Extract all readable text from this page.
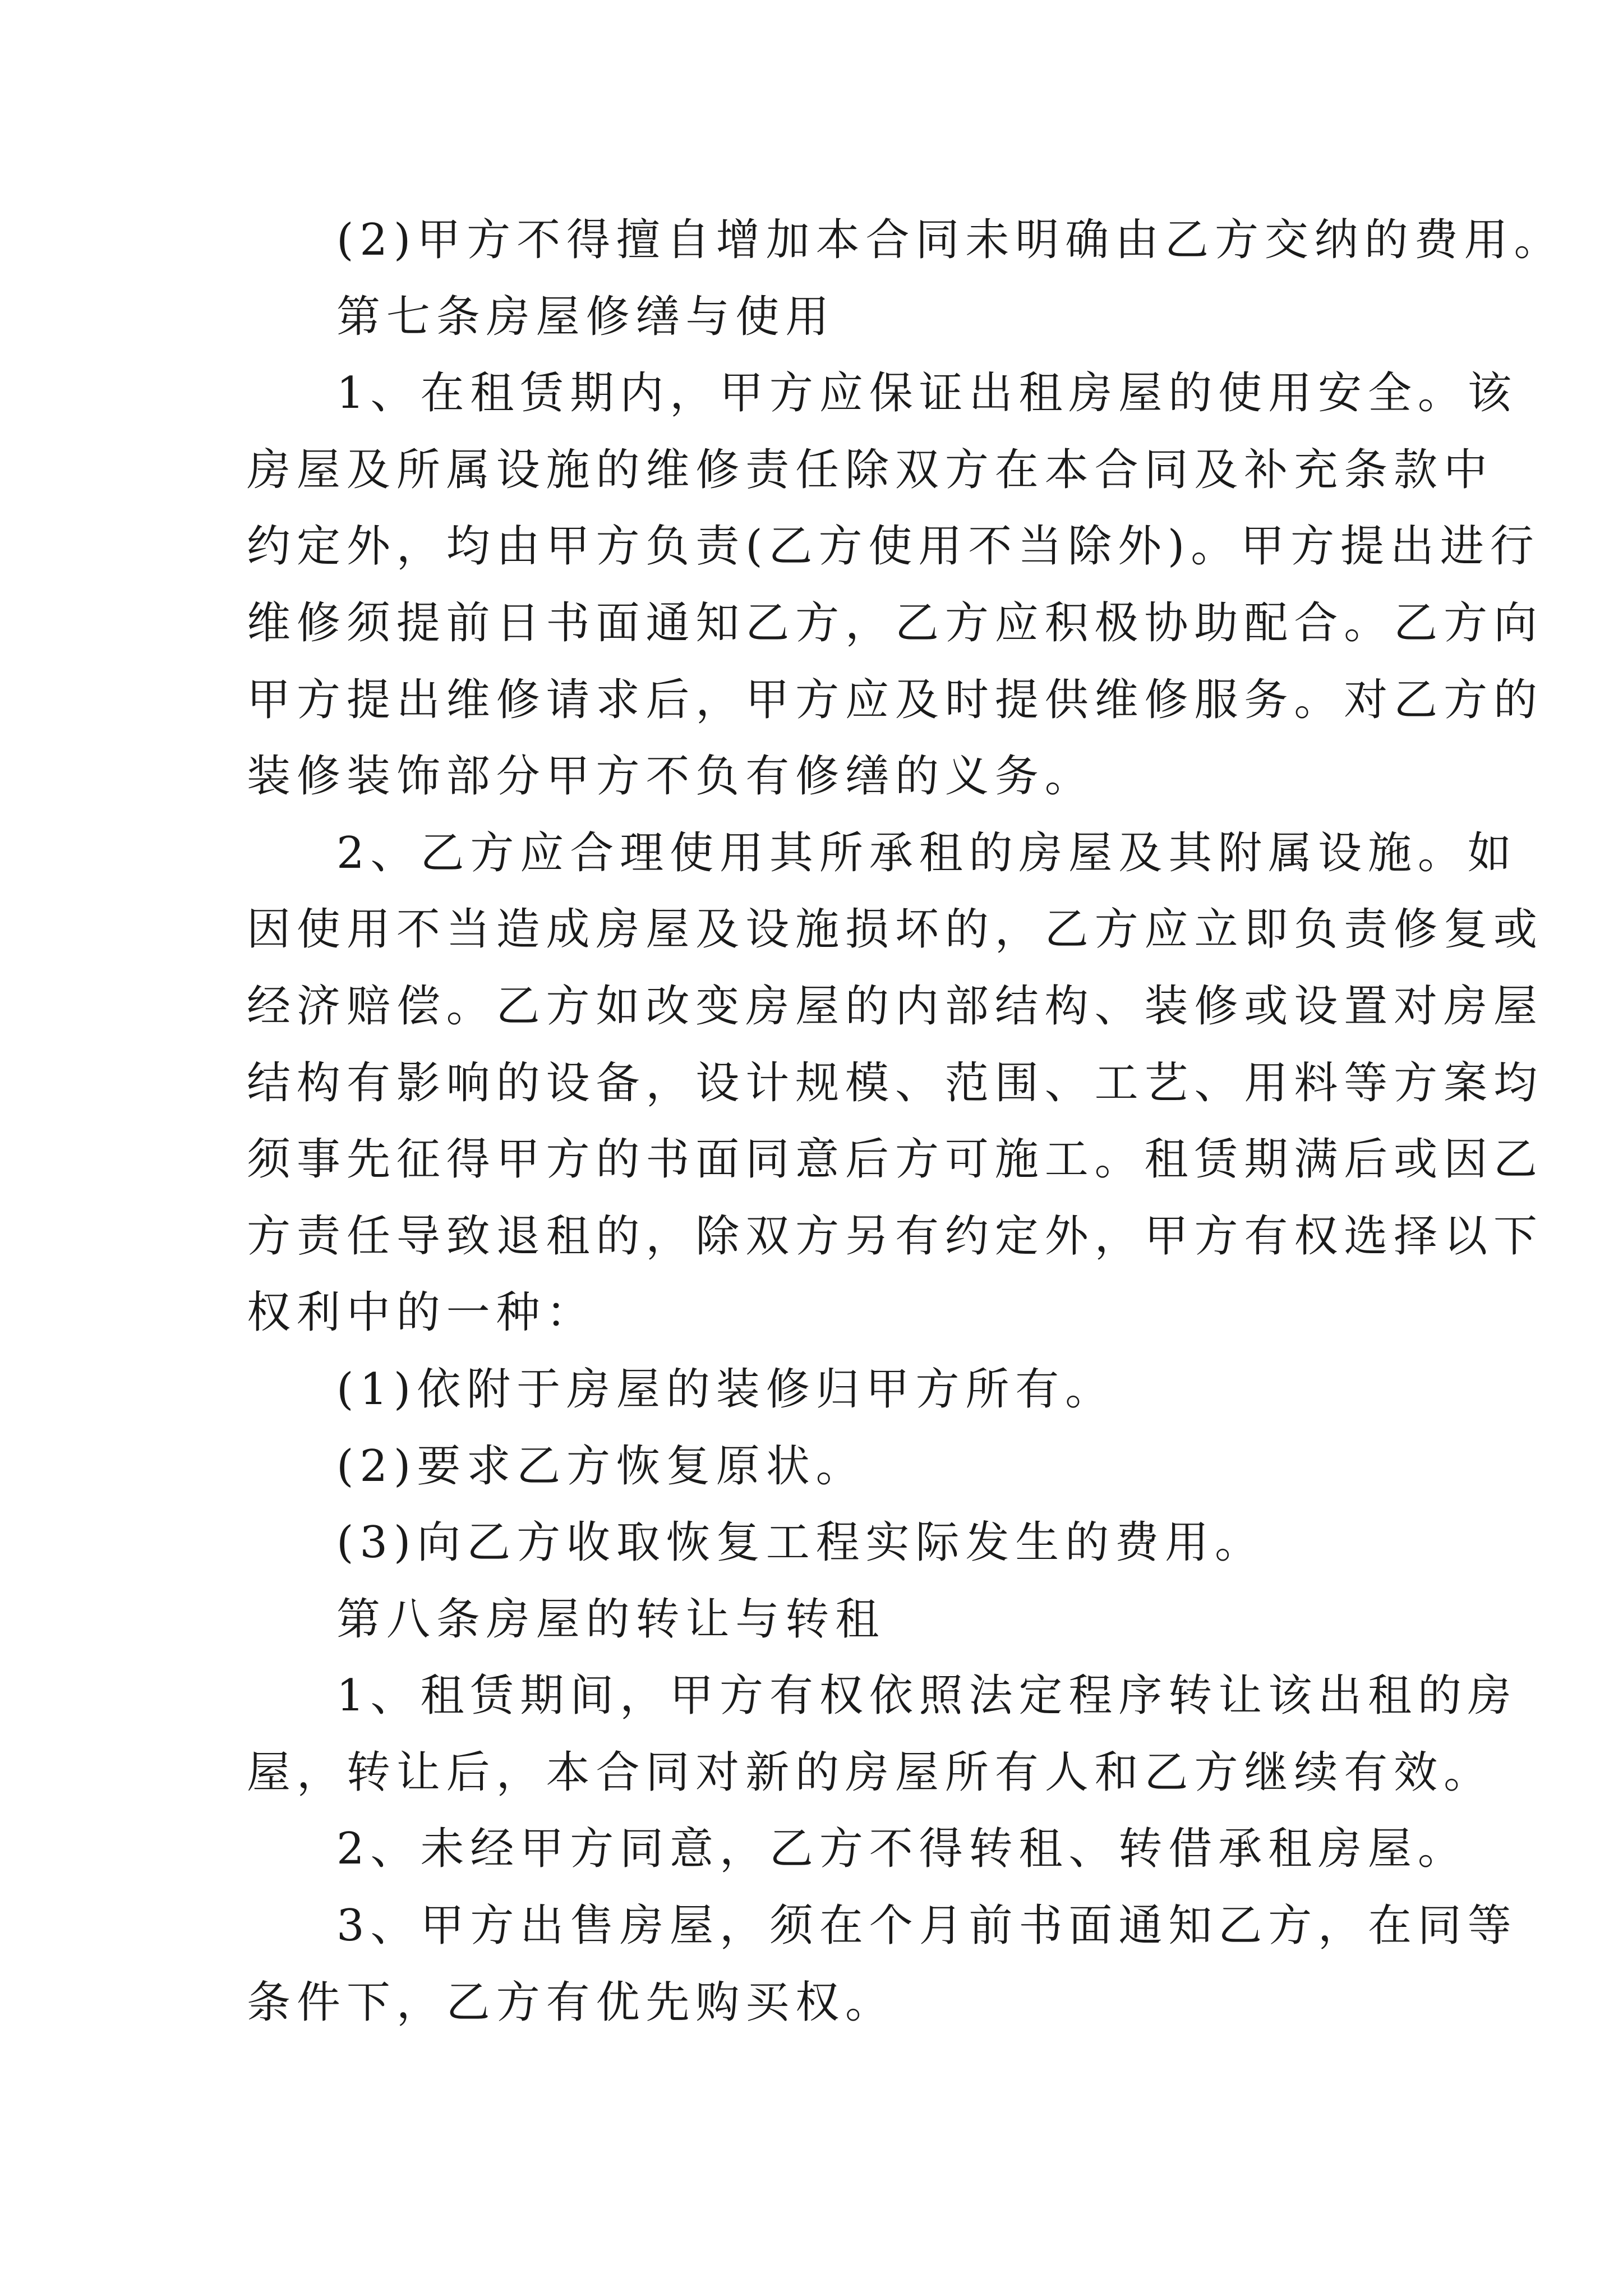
(2)甲方不得擅自增加本合同未明确由乙方交纳的费用。
第七条房屋修缮与使用
1、在租赁期内，甲方应保证出租房屋的使用安全。该
房屋及所属设施的维修责任除双方在本合同及补充条款中
约定外，均由甲方负责(乙方使用不当除外)。甲方提出进行
维修须提前日书面通知乙方，乙方应积极协助配合。乙方向
甲方提出维修请求后，甲方应及时提供维修服务。对乙方的
装修装饰部分甲方不负有修缮的义务。
2、乙方应合理使用其所承租的房屋及其附属设施。如
因使用不当造成房屋及设施损坏的，乙方应立即负责修复或
经济赔偿。乙方如改变房屋的内部结构、装修或设置对房屋
结构有影响的设备，设计规模、范围、工艺、用料等方案均
须事先征得甲方的书面同意后方可施工。租赁期满后或因乙
方责任导致退租的，除双方另有约定外，甲方有权选择以下
权利中的一种：
(1)依附于房屋的装修归甲方所有。
(2)要求乙方恢复原状。
(3)向乙方收取恢复工程实际发生的费用。
第八条房屋的转让与转租
1、租赁期间，甲方有权依照法定程序转让该出租的房
屋，转让后，本合同对新的房屋所有人和乙方继续有效。
2、未经甲方同意，乙方不得转租、转借承租房屋。
3、甲方出售房屋，须在个月前书面通知乙方，在同等
条件下，乙方有优先购买权。
